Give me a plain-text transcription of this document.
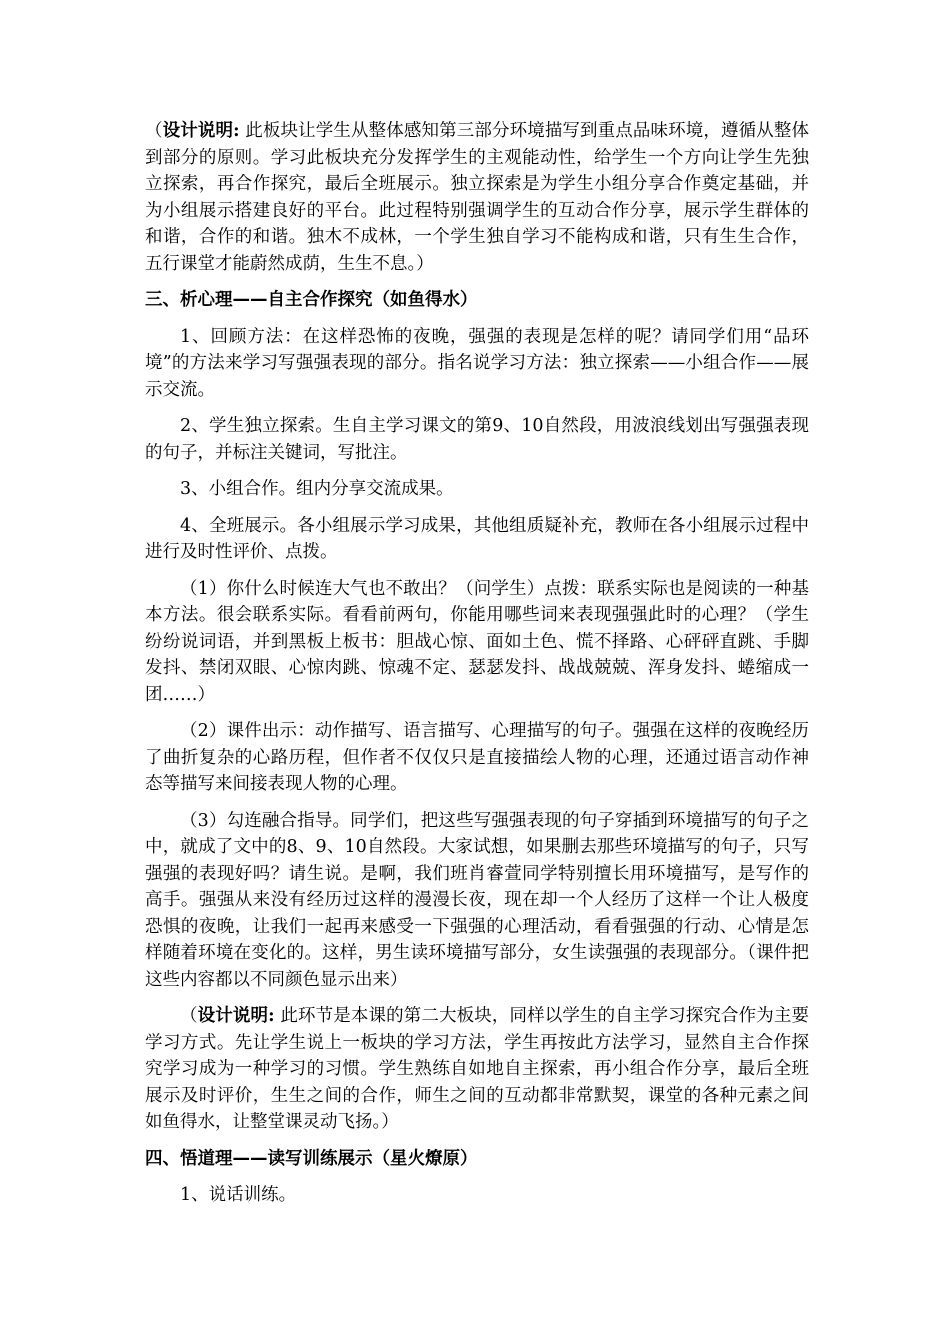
（设计说明: 此板块让学生从整体感知第三部分环境描写到重点品味环境，遵循从整体到部分的原则。学习此板块充分发挥学生的主观能动性，给学生一个方向让学生先独立探索，再合作探究，最后全班展示。独立探索是为学生小组分享合作奠定基础，并为小组展示搭建良好的平台。此过程特别强调学生的互动合作分享，展示学生群体的和谐，合作的和谐。独木不成林，一个学生独自学习不能构成和谐，只有生生合作，五行课堂才能蔚然成荫，生生不息。）

三、析心理——自主合作探究（如鱼得水）

1、回顾方法：在这样恐怖的夜晚，强强的表现是怎样的呢？请同学们用“品环境”的方法来学习写强强表现的部分。指名说学习方法：独立探索——小组合作——展示交流。

2、学生独立探索。生自主学习课文的第9、10自然段，用波浪线划出写强强表现的句子，并标注关键词，写批注。

3、小组合作。组内分享交流成果。

4、全班展示。各小组展示学习成果，其他组质疑补充，教师在各小组展示过程中进行及时性评价、点拨。

（1）你什么时候连大气也不敢出？（问学生）点拨：联系实际也是阅读的一种基本方法。很会联系实际。看看前两句，你能用哪些词来表现强强此时的心理？（学生纷纷说词语，并到黑板上板书：胆战心惊、面如土色、慌不择路、心砰砰直跳、手脚发抖、禁闭双眼、心惊肉跳、惊魂不定、瑟瑟发抖、战战兢兢、浑身发抖、蜷缩成一团……）

（2）课件出示：动作描写、语言描写、心理描写的句子。强强在这样的夜晚经历了曲折复杂的心路历程，但作者不仅仅只是直接描绘人物的心理，还通过语言动作神态等描写来间接表现人物的心理。

（3）勾连融合指导。同学们，把这些写强强表现的句子穿插到环境描写的句子之中，就成了文中的8、9、10自然段。大家试想，如果删去那些环境描写的句子，只写强强的表现好吗？请生说。是啊，我们班肖睿萱同学特别擅长用环境描写，是写作的高手。强强从来没有经历过这样的漫漫长夜，现在却一个人经历了这样一个让人极度恐惧的夜晚，让我们一起再来感受一下强强的心理活动，看看强强的行动、心情是怎样随着环境在变化的。这样，男生读环境描写部分，女生读强强的表现部分。（课件把这些内容都以不同颜色显示出来）

（设计说明: 此环节是本课的第二大板块，同样以学生的自主学习探究合作为主要学习方式。先让学生说上一板块的学习方法，学生再按此方法学习，显然自主合作探究学习成为一种学习的习惯。学生熟练自如地自主探索，再小组合作分享，最后全班展示及时评价，生生之间的合作，师生之间的互动都非常默契，课堂的各种元素之间如鱼得水，让整堂课灵动飞扬。）

四、悟道理——读写训练展示（星火燎原）

1、说话训练。
